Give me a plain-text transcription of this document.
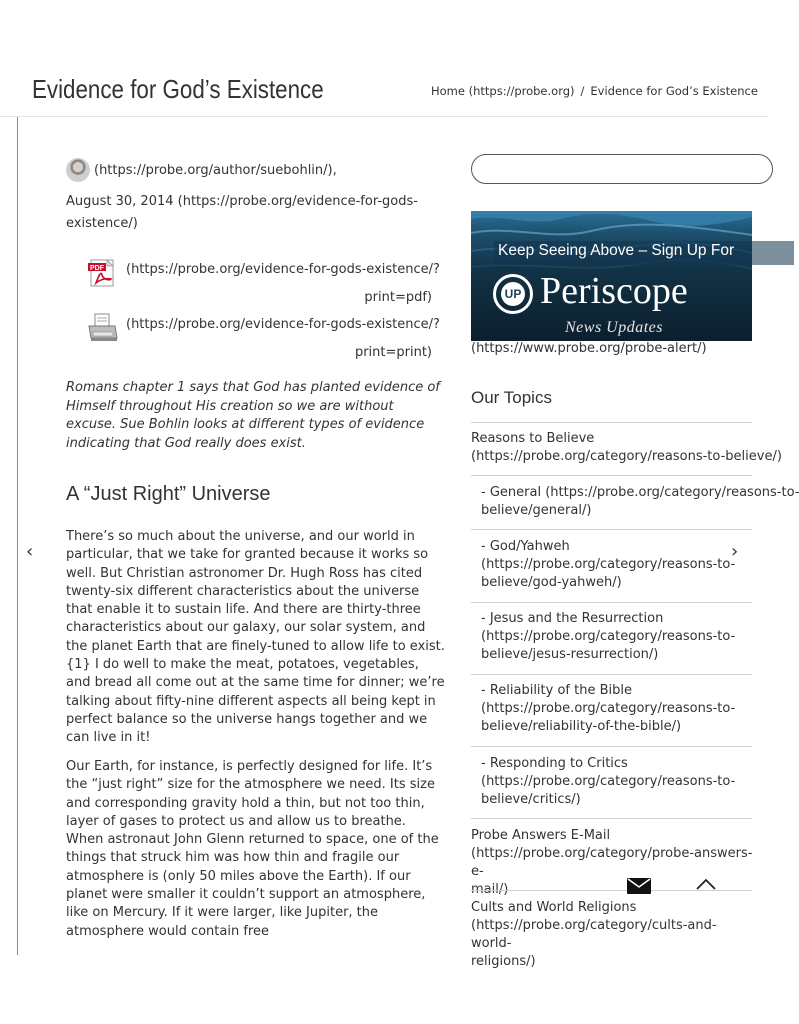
Evidence for God’s Existence	Home (https://probe.org) / Evidence for God’s Existence
(https://probe.org/author/suebohlin/),
August 30, 2014 (https://probe.org/evidence-for-gods-
existence/)
PDF (https://probe.org/evidence-for-gods-existence/?
print=pdf)
(https://probe.org/evidence-for-gods-existence/?
print=print)
Romans chapter 1 says that God has planted evidence of Himself throughout His creation so we are without excuse. Sue Bohlin looks at different types of evidence indicating that God really does exist.
A “Just Right” Universe
There’s so much about the universe, and our world in particular, that we take for granted because it works so well. But Christian astronomer Dr. Hugh Ross has cited twenty-six different characteristics about the universe that enable it to sustain life. And there are thirty-three characteristics about our galaxy, our solar system, and the planet Earth that are finely-tuned to allow life to exist.{1} I do well to make the meat, potatoes, vegetables, and bread all come out at the same time for dinner; we’re talking about fifty-nine different aspects all being kept in perfect balance so the universe hangs together and we can live in it!
Our Earth, for instance, is perfectly designed for life. It’s the “just right” size for the atmosphere we need. Its size and corresponding gravity hold a thin, but not too thin, layer of gases to protect us and allow us to breathe. When astronaut John Glenn returned to space, one of the things that struck him was how thin and fragile our atmosphere is (only 50 miles above the Earth). If our planet were smaller it couldn’t support an atmosphere, like on Mercury. If it were larger, like Jupiter, the atmosphere would contain free
‹	›
Keep Seeing Above – Sign Up For
UP Periscope
News Updates
(https://www.probe.org/probe-alert/)
Our Topics
Reasons to Believe
(https://probe.org/category/reasons-to-believe/)
- General (https://probe.org/category/reasons-to-
believe/general/)
- God/Yahweh
(https://probe.org/category/reasons-to-
believe/god-yahweh/)
- Jesus and the Resurrection
(https://probe.org/category/reasons-to-
believe/jesus-resurrection/)
- Reliability of the Bible
(https://probe.org/category/reasons-to-
believe/reliability-of-the-bible/)
- Responding to Critics
(https://probe.org/category/reasons-to-
believe/critics/)
Probe Answers E-Mail
(https://probe.org/category/probe-answers-e-
mail/)
Cults and World Religions
(https://probe.org/category/cults-and-world-
religions/)
